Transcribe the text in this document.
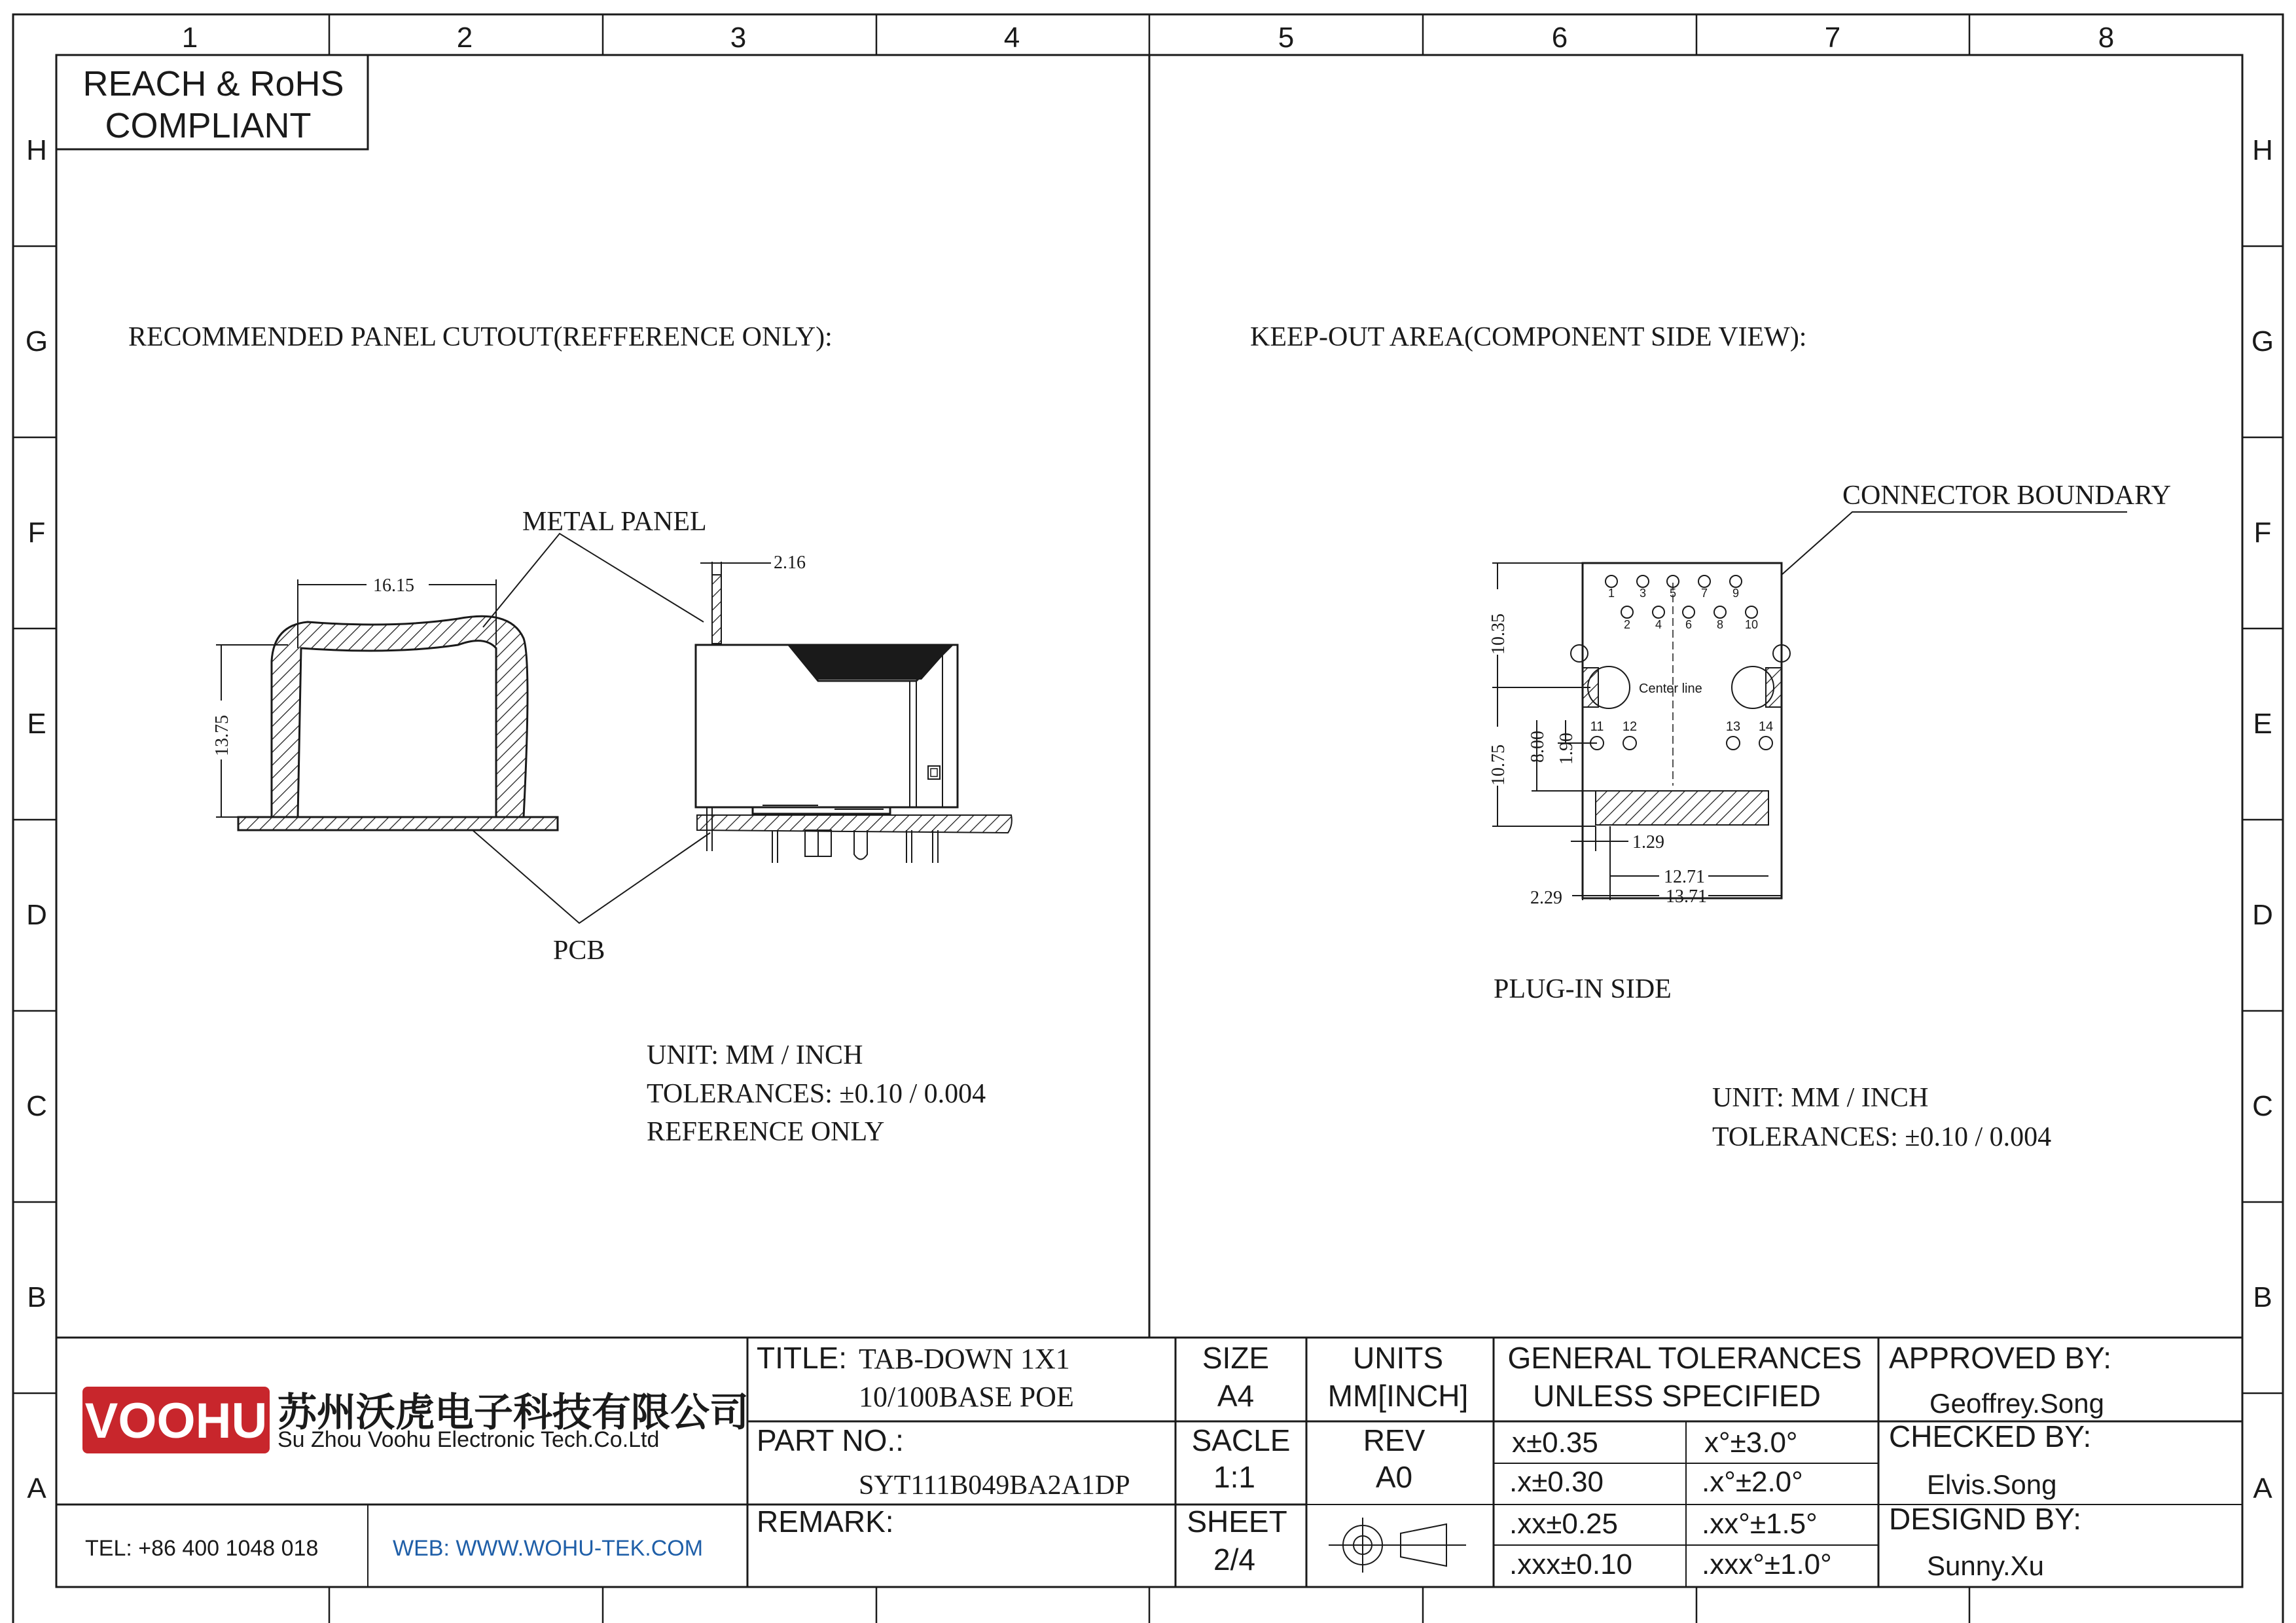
1	2	3	4	5	6	7	8
H
G
F
E
D
C
B
A
H
G
F
E
D
C
B
A
REACH & RoHS
COMPLIANT
RECOMMENDED PANEL CUTOUT(REFFERENCE ONLY):
METAL PANEL
PCB
16.15
13.75
2.16
UNIT: MM / INCH
TOLERANCES: ±0.10 / 0.004
REFERENCE ONLY
KEEP-OUT AREA(COMPONENT SIDE VIEW):
CONNECTOR BOUNDARY
Center line
1 3 5 7 9
2 4 6 8 10
11 12	13 14
10.35
10.75 8.00 1.90
1.29
12.71
13.71
2.29
PLUG-IN SIDE
UNIT: MM / INCH
TOLERANCES: ±0.10 / 0.004
VOOHU 苏州沃虎电子科技有限公司
Su Zhou Voohu Electronic Tech.Co.Ltd
TEL: +86 400 1048 018	WEB: WWW.WOHU-TEK.COM
TITLE: TAB-DOWN 1X1
10/100BASE POE
PART NO.:
SYT111B049BA2A1DP
REMARK:
SIZE
A4
SACLE
1:1
SHEET
2/4
UNITS
MM[INCH]
REV
A0
GENERAL TOLERANCES
UNLESS SPECIFIED
x±0.35	x°±3.0°
.x±0.30	.x°±2.0°
.xx±0.25	.xx°±1.5°
.xxx±0.10 .xxx°±1.0°
APPROVED BY:
Geoffrey.Song
CHECKED BY:
Elvis.Song
DESIGND BY:
Sunny.Xu
